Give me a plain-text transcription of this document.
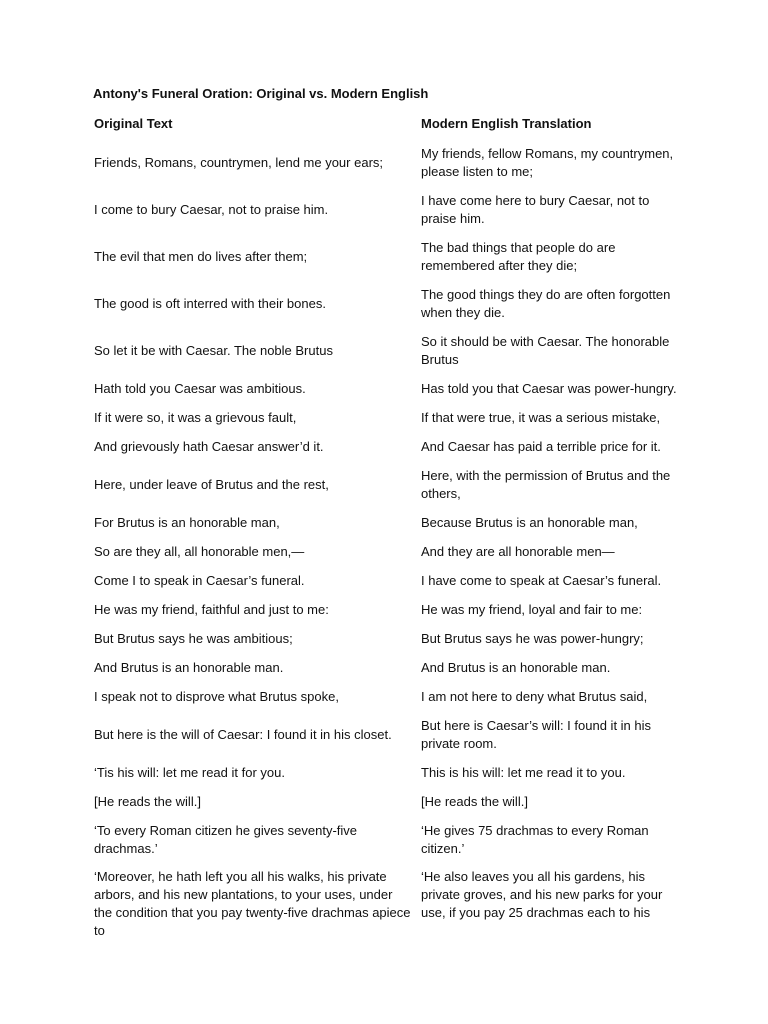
Antony's Funeral Oration: Original vs. Modern English
Original Text	Modern English Translation
Friends, Romans, countrymen, lend me your ears;	My friends, fellow Romans, my countrymen, please listen to me;
I come to bury Caesar, not to praise him.	I have come here to bury Caesar, not to praise him.
The evil that men do lives after them;	The bad things that people do are remembered after they die;
The good is oft interred with their bones.	The good things they do are often forgotten when they die.
So let it be with Caesar. The noble Brutus	So it should be with Caesar. The honorable Brutus
Hath told you Caesar was ambitious.	Has told you that Caesar was power-hungry.
If it were so, it was a grievous fault,	If that were true, it was a serious mistake,
And grievously hath Caesar answer’d it.	And Caesar has paid a terrible price for it.
Here, under leave of Brutus and the rest,	Here, with the permission of Brutus and the others,
For Brutus is an honorable man,	Because Brutus is an honorable man,
So are they all, all honorable men,—	And they are all honorable men—
Come I to speak in Caesar’s funeral.	I have come to speak at Caesar’s funeral.
He was my friend, faithful and just to me:	He was my friend, loyal and fair to me:
But Brutus says he was ambitious;	But Brutus says he was power-hungry;
And Brutus is an honorable man.	And Brutus is an honorable man.
I speak not to disprove what Brutus spoke,	I am not here to deny what Brutus said,
But here is the will of Caesar: I found it in his closet.	But here is Caesar’s will: I found it in his private room.
‘Tis his will: let me read it for you.	This is his will: let me read it to you.
[He reads the will.]	[He reads the will.]
‘To every Roman citizen he gives seventy-five drachmas.’	‘He gives 75 drachmas to every Roman citizen.’
‘Moreover, he hath left you all his walks, his private arbors, and his new plantations, to your uses, under the condition that you pay twenty-five drachmas apiece to	‘He also leaves you all his gardens, his private groves, and his new parks for your use, if you pay 25 drachmas each to his
